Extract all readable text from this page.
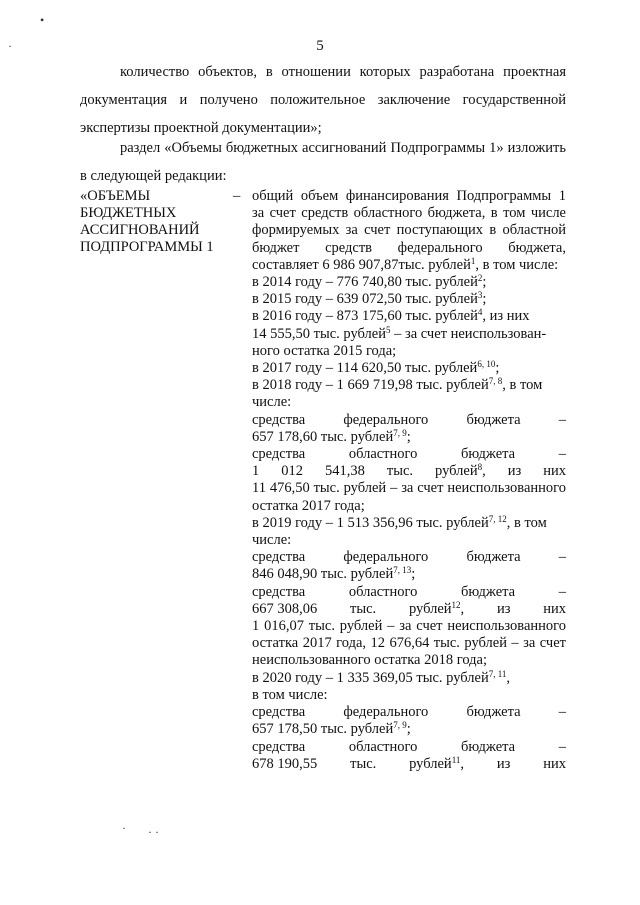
•
·
· · ·
5
количество объектов, в отношении которых разработана проектная документация и получено положительное заключение государственной экспертизы проектной документации»;
раздел «Объемы бюджетных ассигнований Подпрограммы 1» изложить в следующей редакции:
«ОБЪЕМЫ
БЮДЖЕТНЫХ
АССИГНОВАНИЙ
ПОДПРОГРАММЫ 1
– общий объем финансирования Подпрограммы 1
за счет средств областного бюджета, в том числе
формируемых за счет поступающих в областной
бюджет средств федерального бюджета,
составляет 6 986 907,87тыс. рублей$^1$, в том числе:
в 2014 году – 776 740,80 тыс. рублей$^2$;
в 2015 году – 639 072,50 тыс. рублей$^3$;
в 2016 году – 873 175,60 тыс. рублей$^4$, из них
14 555,50 тыс. рублей$^5$ – за счет неиспользован-
ного остатка 2015 года;
в 2017 году – 114 620,50 тыс. рублей$^{6, 10}$;
в 2018 году – 1 669 719,98 тыс. рублей$^{7, 8}$, в том
числе:
средства	федерального	бюджета	–
657 178,60 тыс. рублей$^{7, 9}$;
средства	областного	бюджета	–
1 012 541,38 тыс. рублей$^8$, из них
11 476,50 тыс. рублей – за счет неиспользованного
остатка 2017 года;
в 2019 году – 1 513 356,96 тыс. рублей$^{7, 12}$, в том
числе:
средства	федерального	бюджета	–
846 048,90 тыс. рублей$^{7, 13}$;
средства	областного	бюджета	–
667 308,06 тыс. рублей$^{12}$, из них
1 016,07 тыс. рублей – за счет неиспользованного
остатка 2017 года, 12 676,64 тыс. рублей – за счет
неиспользованного остатка 2018 года;
в 2020 году – 1 335 369,05 тыс. рублей$^{7, 11}$,
в том числе:
средства	федерального	бюджета	–
657 178,50 тыс. рублей$^{7, 9}$;
средства	областного	бюджета	–
678 190,55 тыс. рублей$^{11}$, из них
